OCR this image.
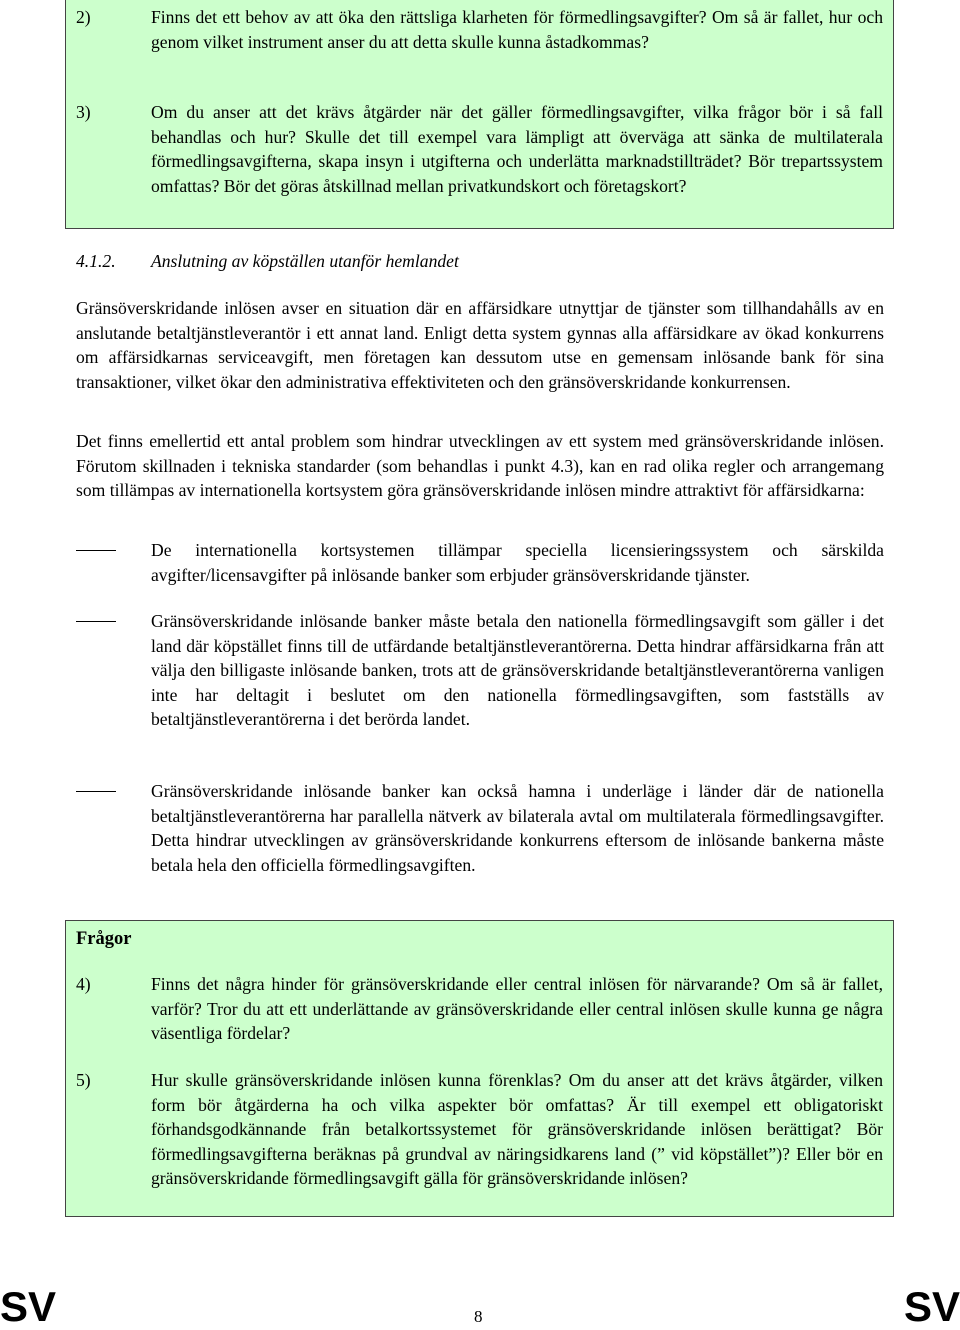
2)	Finns det ett behov av att öka den rättsliga klarheten för förmedlingsavgifter? Om så är fallet, hur och genom vilket instrument anser du att detta skulle kunna åstadkommas?
3)	Om du anser att det krävs åtgärder när det gäller förmedlingsavgifter, vilka frågor bör i så fall behandlas och hur? Skulle det till exempel vara lämpligt att överväga att sänka de multilaterala förmedlingsavgifterna, skapa insyn i utgifterna och underlätta marknadstillträdet? Bör trepartssystem omfattas? Bör det göras åtskillnad mellan privatkundskort och företagskort?
4.1.2. Anslutning av köpställen utanför hemlandet
Gränsöverskridande inlösen avser en situation där en affärsidkare utnyttjar de tjänster som tillhandahålls av en anslutande betaltjänstleverantör i ett annat land. Enligt detta system gynnas alla affärsidkare av ökad konkurrens om affärsidkarnas serviceavgift, men företagen kan dessutom utse en gemensam inlösande bank för sina transaktioner, vilket ökar den administrativa effektiviteten och den gränsöverskridande konkurrensen.
Det finns emellertid ett antal problem som hindrar utvecklingen av ett system med gränsöverskridande inlösen. Förutom skillnaden i tekniska standarder (som behandlas i punkt 4.3), kan en rad olika regler och arrangemang som tillämpas av internationella kortsystem göra gränsöverskridande inlösen mindre attraktivt för affärsidkarna:
De internationella kortsystemen tillämpar speciella licensieringssystem och särskilda avgifter/licensavgifter på inlösande banker som erbjuder gränsöverskridande tjänster.
Gränsöverskridande inlösande banker måste betala den nationella förmedlingsavgift som gäller i det land där köpstället finns till de utfärdande betaltjänstleverantörerna. Detta hindrar affärsidkarna från att välja den billigaste inlösande banken, trots att de gränsöverskridande betaltjänstleverantörerna vanligen inte har deltagit i beslutet om den nationella förmedlingsavgiften, som fastställs av betaltjänstleverantörerna i det berörda landet.
Gränsöverskridande inlösande banker kan också hamna i underläge i länder där de nationella betaltjänstleverantörerna har parallella nätverk av bilaterala avtal om multilaterala förmedlingsavgifter. Detta hindrar utvecklingen av gränsöverskridande konkurrens eftersom de inlösande bankerna måste betala hela den officiella förmedlingsavgiften.
Frågor
4)	Finns det några hinder för gränsöverskridande eller central inlösen för närvarande? Om så är fallet, varför? Tror du att ett underlättande av gränsöverskridande eller central inlösen skulle kunna ge några väsentliga fördelar?
5)	Hur skulle gränsöverskridande inlösen kunna förenklas? Om du anser att det krävs åtgärder, vilken form bör åtgärderna ha och vilka aspekter bör omfattas? Är till exempel ett obligatoriskt förhandsgodkännande från betalkortssystemet för gränsöverskridande inlösen berättigat? Bör förmedlingsavgifterna beräknas på grundval av näringsidkarens land (” vid köpstället”)? Eller bör en gränsöverskridande förmedlingsavgift gälla för gränsöverskridande inlösen?
SV	8	SV
